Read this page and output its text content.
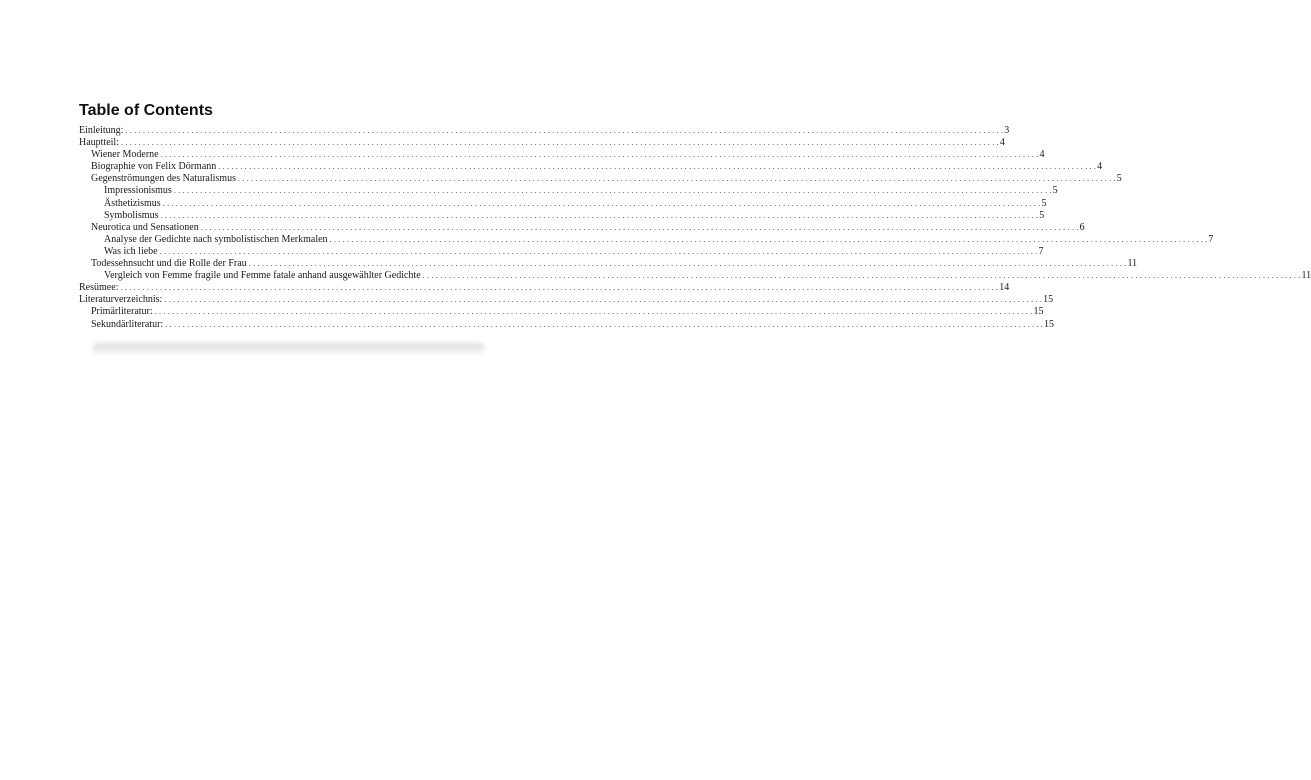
Table of Contents
Einleitung: . . . . . . . . . . . . . . . . . . . . . . . . . . . . . . . . . . . . . . . . . . . . . . . . . . . . . . . . . . . . . . . . . . . . . . . . . . . . . . . . . . . . . . . . . . . . . . . . . . . . . . . . . . . . . . . . . . . . . . . . . . . . . . . . . . . . . . . . . . . . . . . . . . . . . . . . . . . . . . . . . . . . . . . . . . . . . . . . . . . . . . . . . . . . . . . . . . . . . . . . 3
Hauptteil: . . . . . . . . . . . . . . . . . . . . . . . . . . . . . . . . . . . . . . . . . . . . . . . . . . . . . . . . . . . . . . . . . . . . . . . . . . . . . . . . . . . . . . . . . . . . . . . . . . . . . . . . . . . . . . . . . . . . . . . . . . . . . . . . . . . . . . . . . . . . . . . . . . . . . . . . . . . . . . . . . . . . . . . . . . . . . . . . . . . . . . . . . . . . . . . . . . . . . . . . 4
Wiener Moderne . . . . . . . . . . . . . . . . . . . . . . . . . . . . . . . . . . . . . . . . . . . . . . . . . . . . . . . . . . . . . . . . . . . . . . . . . . . . . . . . . . . . . . . . . . . . . . . . . . . . . . . . . . . . . . . . . . . . . . . . . . . . . . . . . . . . . . . . . . . . . . . . . . . . . . . . . . . . . . . . . . . . . . . . . . . . . . . . . . . . . . . . . . . . . . . . . . . . . . . . 4
Biographie von Felix Dörmann . . . . . . . . . . . . . . . . . . . . . . . . . . . . . . . . . . . . . . . . . . . . . . . . . . . . . . . . . . . . . . . . . . . . . . . . . . . . . . . . . . . . . . . . . . . . . . . . . . . . . . . . . . . . . . . . . . . . . . . . . . . . . . . . . . . . . . . . . . . . . . . . . . . . . . . . . . . . . . . . . . . . . . . . . . . . . . . . . . . . . . . . . . . . . . . . . . . . . . . . 4
Gegenströmungen des Naturalismus . . . . . . . . . . . . . . . . . . . . . . . . . . . . . . . . . . . . . . . . . . . . . . . . . . . . . . . . . . . . . . . . . . . . . . . . . . . . . . . . . . . . . . . . . . . . . . . . . . . . . . . . . . . . . . . . . . . . . . . . . . . . . . . . . . . . . . . . . . . . . . . . . . . . . . . . . . . . . . . . . . . . . . . . . . . . . . . . . . . . . . . . . . . . . . . . . . . . . . . . 5
Impressionismus . . . . . . . . . . . . . . . . . . . . . . . . . . . . . . . . . . . . . . . . . . . . . . . . . . . . . . . . . . . . . . . . . . . . . . . . . . . . . . . . . . . . . . . . . . . . . . . . . . . . . . . . . . . . . . . . . . . . . . . . . . . . . . . . . . . . . . . . . . . . . . . . . . . . . . . . . . . . . . . . . . . . . . . . . . . . . . . . . . . . . . . . . . . . . . . . . . . . . . . . 5
Ästhetizismus . . . . . . . . . . . . . . . . . . . . . . . . . . . . . . . . . . . . . . . . . . . . . . . . . . . . . . . . . . . . . . . . . . . . . . . . . . . . . . . . . . . . . . . . . . . . . . . . . . . . . . . . . . . . . . . . . . . . . . . . . . . . . . . . . . . . . . . . . . . . . . . . . . . . . . . . . . . . . . . . . . . . . . . . . . . . . . . . . . . . . . . . . . . . . . . . . . . . . . . . 5
Symbolismus . . . . . . . . . . . . . . . . . . . . . . . . . . . . . . . . . . . . . . . . . . . . . . . . . . . . . . . . . . . . . . . . . . . . . . . . . . . . . . . . . . . . . . . . . . . . . . . . . . . . . . . . . . . . . . . . . . . . . . . . . . . . . . . . . . . . . . . . . . . . . . . . . . . . . . . . . . . . . . . . . . . . . . . . . . . . . . . . . . . . . . . . . . . . . . . . . . . . . . . . 5
Neurotica und Sensationen . . . . . . . . . . . . . . . . . . . . . . . . . . . . . . . . . . . . . . . . . . . . . . . . . . . . . . . . . . . . . . . . . . . . . . . . . . . . . . . . . . . . . . . . . . . . . . . . . . . . . . . . . . . . . . . . . . . . . . . . . . . . . . . . . . . . . . . . . . . . . . . . . . . . . . . . . . . . . . . . . . . . . . . . . . . . . . . . . . . . . . . . . . . . . . . . . . . . . . . . 6
Analyse der Gedichte nach symbolistischen Merkmalen . . . . . . . . . . . . . . . . . . . . . . . . . . . . . . . . . . . . . . . . . . . . . . . . . . . . . . . . . . . . . . . . . . . . . . . . . . . . . . . . . . . . . . . . . . . . . . . . . . . . . . . . . . . . . . . . . . . . . . . . . . . . . . . . . . . . . . . . . . . . . . . . . . . . . . . . . . . . . . . . . . . . . . . . . . . . . . . . . . . . . . . . . . . . . . . . . . . . . . . . 7
Was ich liebe . . . . . . . . . . . . . . . . . . . . . . . . . . . . . . . . . . . . . . . . . . . . . . . . . . . . . . . . . . . . . . . . . . . . . . . . . . . . . . . . . . . . . . . . . . . . . . . . . . . . . . . . . . . . . . . . . . . . . . . . . . . . . . . . . . . . . . . . . . . . . . . . . . . . . . . . . . . . . . . . . . . . . . . . . . . . . . . . . . . . . . . . . . . . . . . . . . . . . . . . 7
Todessehnsucht und die Rolle der Frau . . . . . . . . . . . . . . . . . . . . . . . . . . . . . . . . . . . . . . . . . . . . . . . . . . . . . . . . . . . . . . . . . . . . . . . . . . . . . . . . . . . . . . . . . . . . . . . . . . . . . . . . . . . . . . . . . . . . . . . . . . . . . . . . . . . . . . . . . . . . . . . . . . . . . . . . . . . . . . . . . . . . . . . . . . . . . . . . . . . . . . . . . . . . . . . . . . . . . . . . 11
Vergleich von Femme fragile und Femme fatale anhand ausgewählter Gedichte . . . . . . . . . . . . . . . . . . . . . . . . . . . . . . . . . . . . . . . . . . . . . . . . . . . . . . . . . . . . . . . . . . . . . . . . . . . . . . . . . . . . . . . . . . . . . . . . . . . . . . . . . . . . . . . . . . . . . . . . . . . . . . . . . . . . . . . . . . . . . . . . . . . . . . . . . . . . . . . . . . . . . . . . . . . . . . . . . . . . . . . . . . . . . . . . . . . . . . . . 11
Resümee: . . . . . . . . . . . . . . . . . . . . . . . . . . . . . . . . . . . . . . . . . . . . . . . . . . . . . . . . . . . . . . . . . . . . . . . . . . . . . . . . . . . . . . . . . . . . . . . . . . . . . . . . . . . . . . . . . . . . . . . . . . . . . . . . . . . . . . . . . . . . . . . . . . . . . . . . . . . . . . . . . . . . . . . . . . . . . . . . . . . . . . . . . . . . . . . . . . . . . . . . 14
Literaturverzeichnis: . . . . . . . . . . . . . . . . . . . . . . . . . . . . . . . . . . . . . . . . . . . . . . . . . . . . . . . . . . . . . . . . . . . . . . . . . . . . . . . . . . . . . . . . . . . . . . . . . . . . . . . . . . . . . . . . . . . . . . . . . . . . . . . . . . . . . . . . . . . . . . . . . . . . . . . . . . . . . . . . . . . . . . . . . . . . . . . . . . . . . . . . . . . . . . . . . . . . . . . . 15
Primärliteratur: . . . . . . . . . . . . . . . . . . . . . . . . . . . . . . . . . . . . . . . . . . . . . . . . . . . . . . . . . . . . . . . . . . . . . . . . . . . . . . . . . . . . . . . . . . . . . . . . . . . . . . . . . . . . . . . . . . . . . . . . . . . . . . . . . . . . . . . . . . . . . . . . . . . . . . . . . . . . . . . . . . . . . . . . . . . . . . . . . . . . . . . . . . . . . . . . . . . . . . . . 15
Sekundärliteratur: . . . . . . . . . . . . . . . . . . . . . . . . . . . . . . . . . . . . . . . . . . . . . . . . . . . . . . . . . . . . . . . . . . . . . . . . . . . . . . . . . . . . . . . . . . . . . . . . . . . . . . . . . . . . . . . . . . . . . . . . . . . . . . . . . . . . . . . . . . . . . . . . . . . . . . . . . . . . . . . . . . . . . . . . . . . . . . . . . . . . . . . . . . . . . . . . . . . . . . . . 15
